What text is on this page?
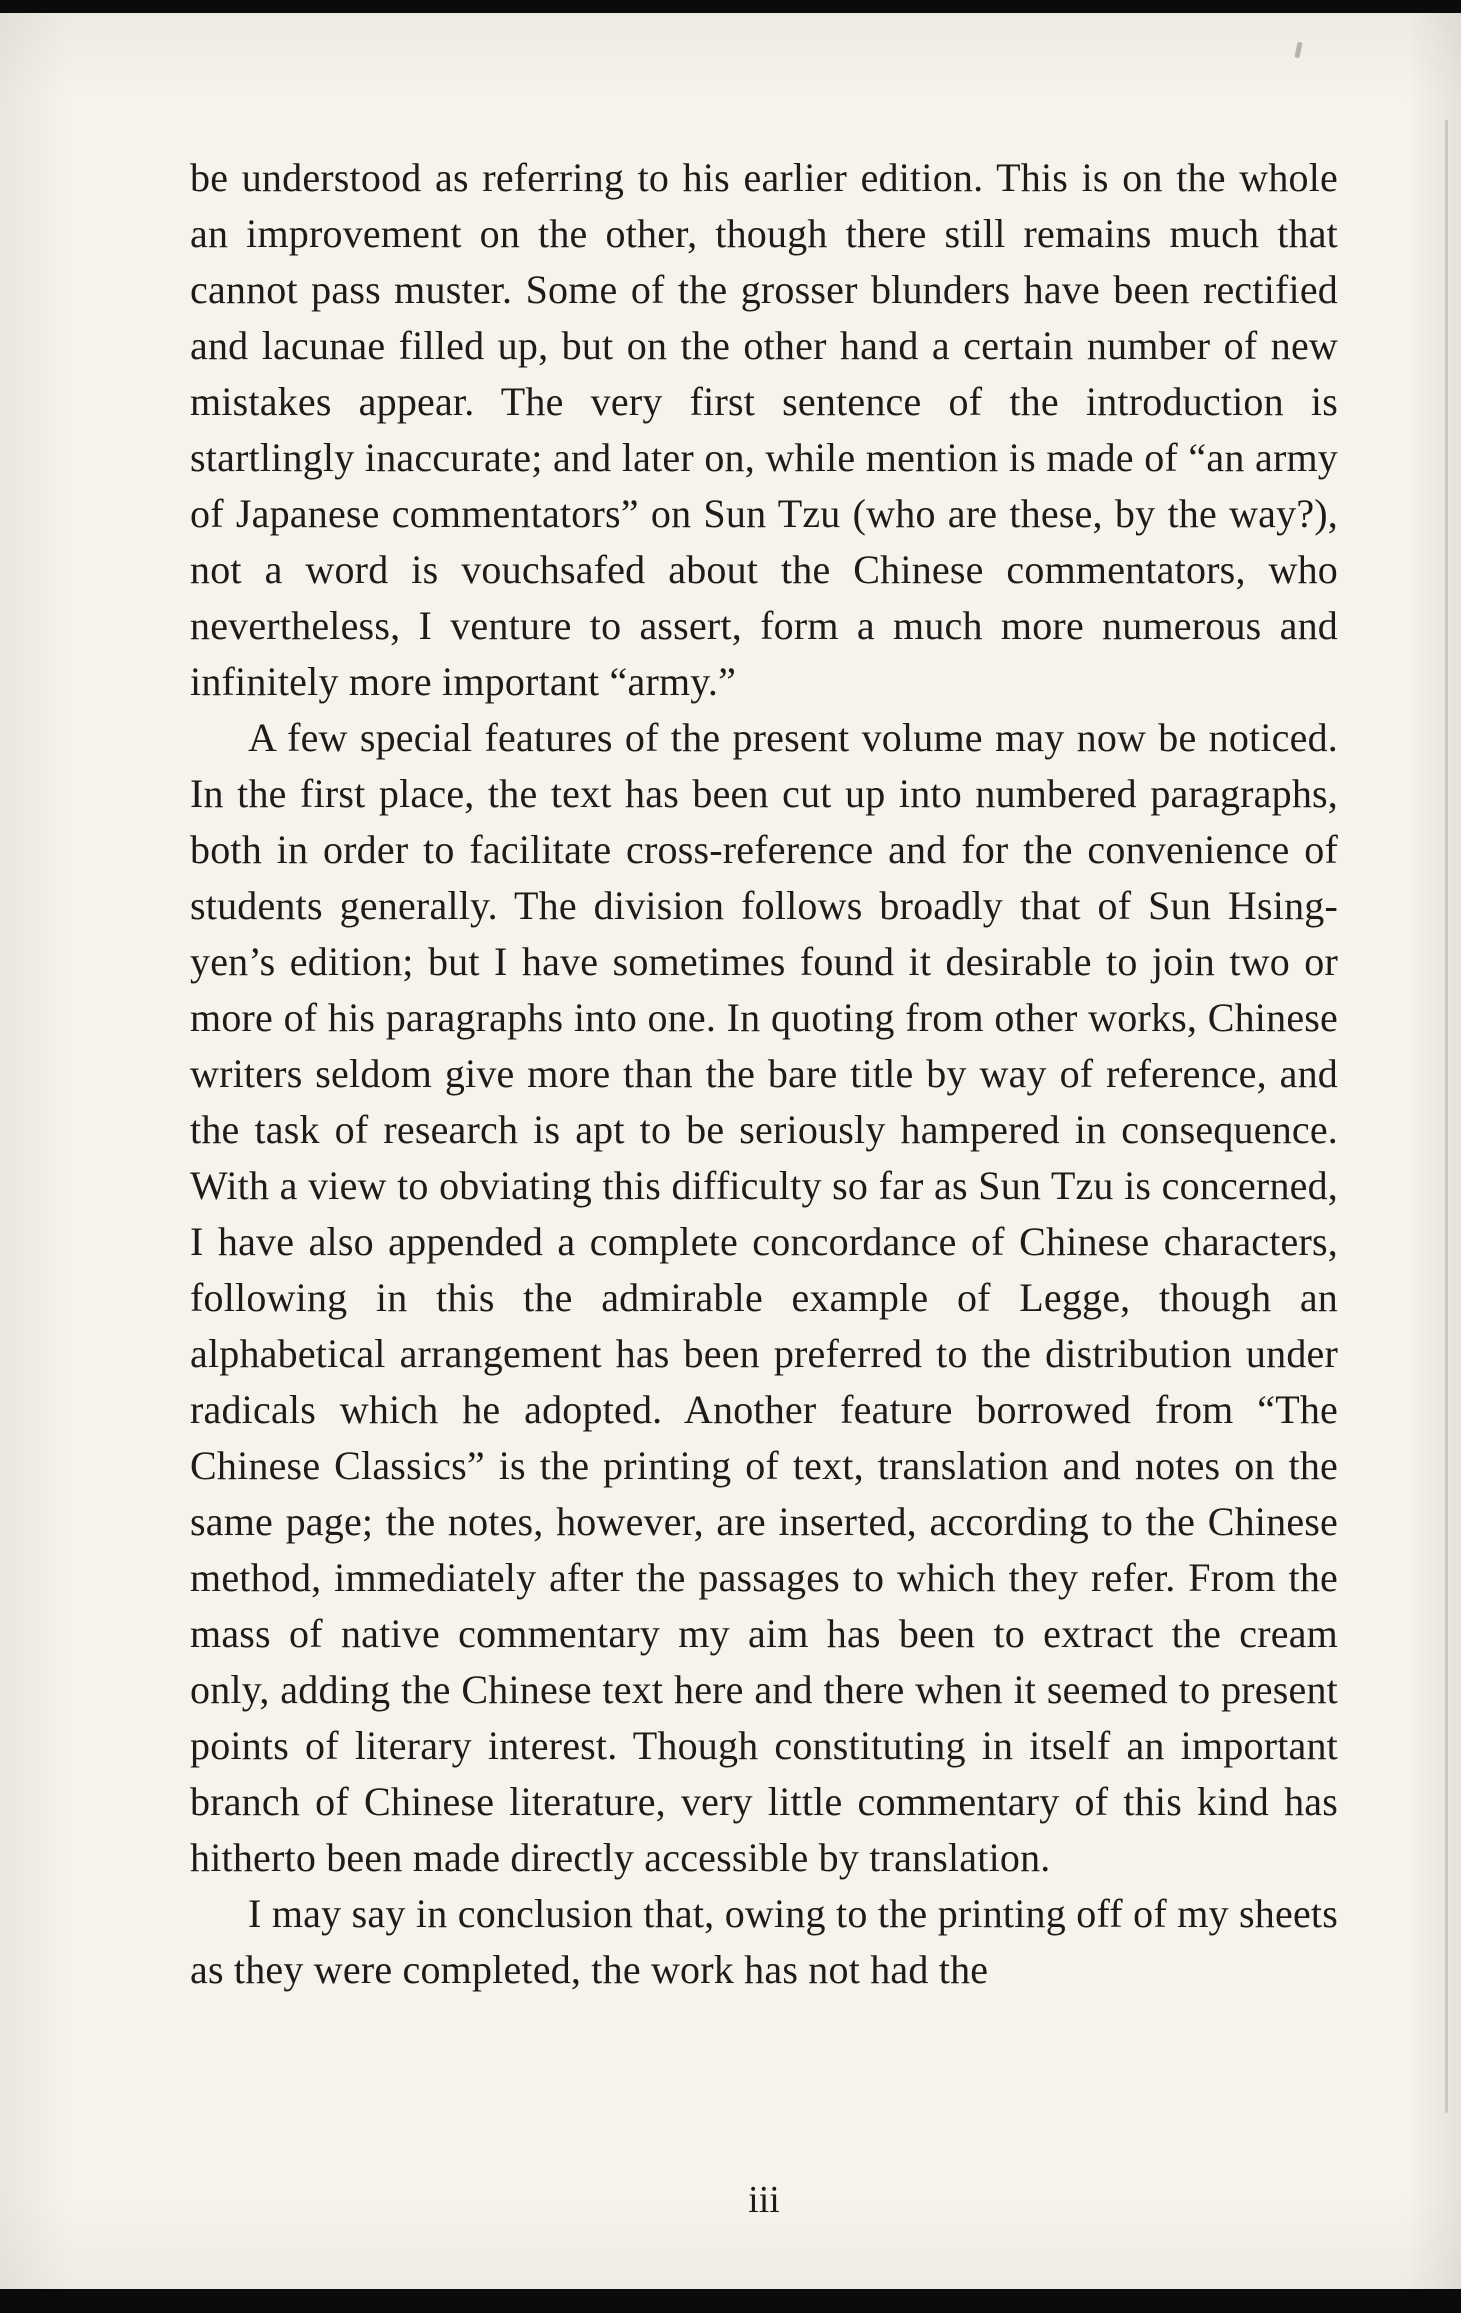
be understood as referring to his earlier edition. This is on the whole an improvement on the other, though there still remains much that cannot pass muster. Some of the grosser blunders have been rectified and lacunae filled up, but on the other hand a certain number of new mistakes appear. The very first sentence of the introduction is startlingly inaccurate; and later on, while mention is made of “an army of Japanese commentators” on Sun Tzu (who are these, by the way?), not a word is vouchsafed about the Chinese commentators, who nevertheless, I venture to assert, form a much more numerous and infinitely more important “army.”

A few special features of the present volume may now be noticed. In the first place, the text has been cut up into numbered paragraphs, both in order to facilitate cross-reference and for the convenience of students generally. The division follows broadly that of Sun Hsing-yen’s edition; but I have sometimes found it desirable to join two or more of his paragraphs into one. In quoting from other works, Chinese writers seldom give more than the bare title by way of reference, and the task of research is apt to be seriously hampered in consequence. With a view to obviating this difficulty so far as Sun Tzu is concerned, I have also appended a complete concordance of Chinese characters, following in this the admirable example of Legge, though an alphabetical arrangement has been preferred to the distribution under radicals which he adopted. Another feature borrowed from “The Chinese Classics” is the printing of text, translation and notes on the same page; the notes, however, are inserted, according to the Chinese method, immediately after the passages to which they refer. From the mass of native commentary my aim has been to extract the cream only, adding the Chinese text here and there when it seemed to present points of literary interest. Though constituting in itself an important branch of Chinese literature, very little commentary of this kind has hitherto been made directly accessible by translation.

I may say in conclusion that, owing to the printing off of my sheets as they were completed, the work has not had the

iii
